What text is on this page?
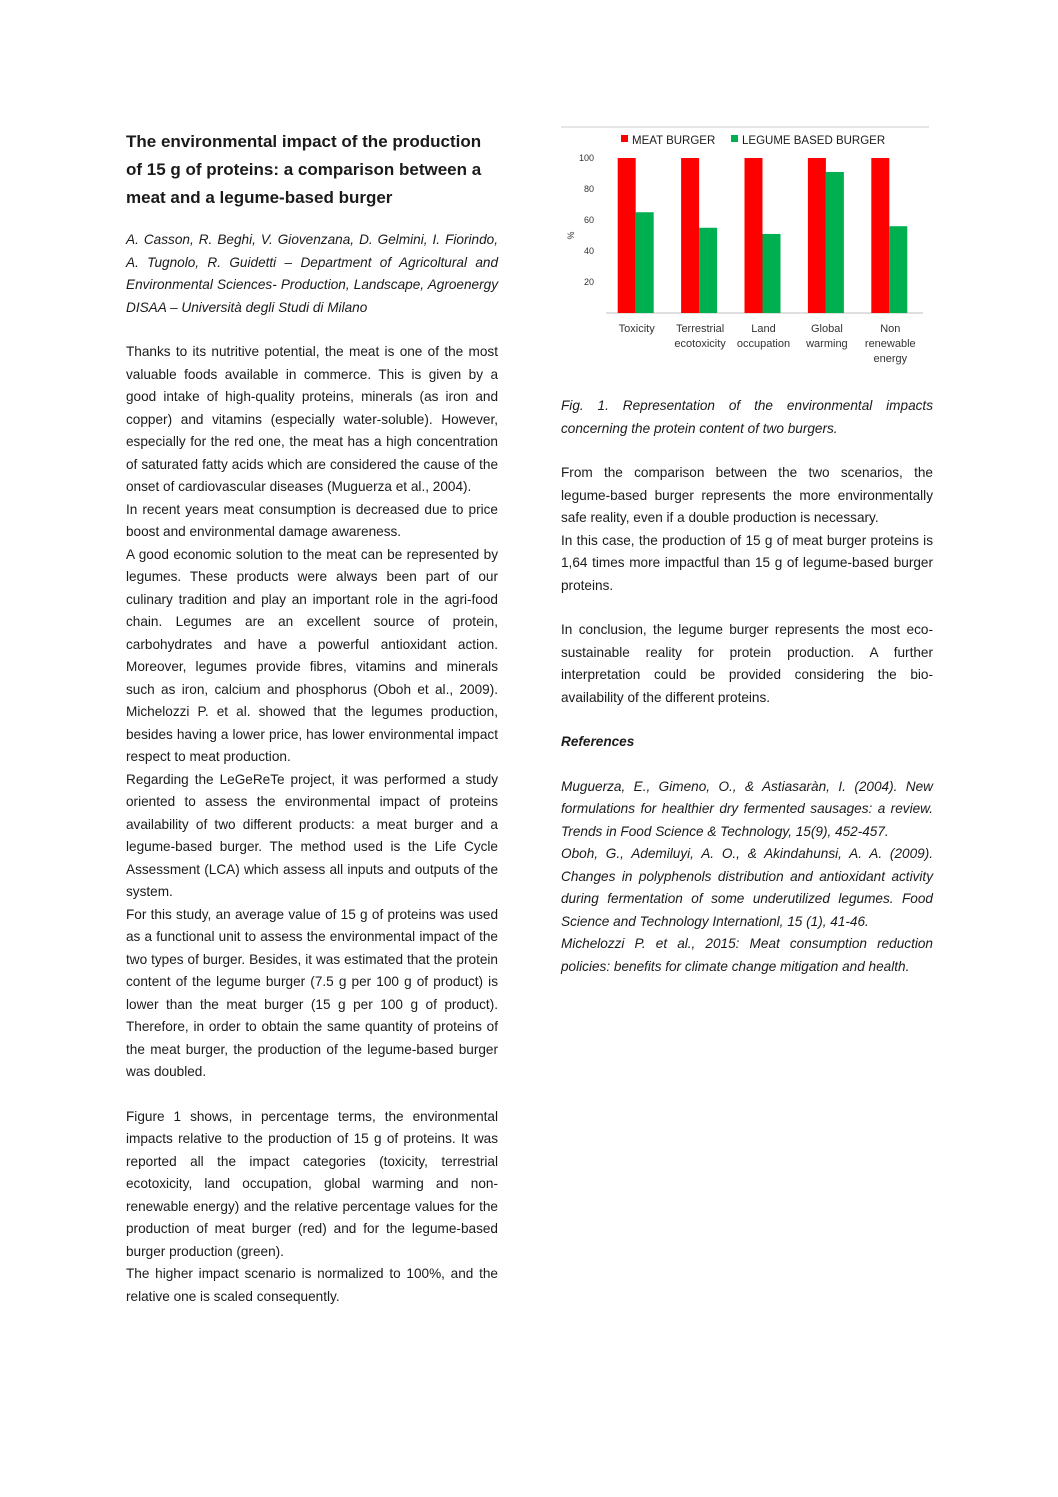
The environmental impact of the production of 15 g of proteins: a comparison between a meat and a legume-based burger
A. Casson, R. Beghi, V. Giovenzana, D. Gelmini, I. Fiorindo, A. Tugnolo, R. Guidetti – Department of Agricoltural and Environmental Sciences- Production, Landscape, Agroenergy DISAA – Università degli Studi di Milano

Thanks to its nutritive potential, the meat is one of the most valuable foods available in commerce. This is given by a good intake of high-quality proteins, minerals (as iron and copper) and vitamins (especially water-soluble). However, especially for the red one, the meat has a high concentration of saturated fatty acids which are considered the cause of the onset of cardiovascular diseases (Muguerza et al., 2004).

In recent years meat consumption is decreased due to price boost and environmental damage awareness.

A good economic solution to the meat can be represented by legumes. These products were always been part of our culinary tradition and play an important role in the agri-food chain. Legumes are an excellent source of protein, carbohydrates and have a powerful antioxidant action. Moreover, legumes provide fibres, vitamins and minerals such as iron, calcium and phosphorus (Oboh et al., 2009). Michelozzi P. et al. showed that the legumes production, besides having a lower price, has lower environmental impact respect to meat production.

Regarding the LeGeReTe project, it was performed a study oriented to assess the environmental impact of proteins availability of two different products: a meat burger and a legume-based burger. The method used is the Life Cycle Assessment (LCA) which assess all inputs and outputs of the system.

For this study, an average value of 15 g of proteins was used as a functional unit to assess the environmental impact of the two types of burger. Besides, it was estimated that the protein content of the legume burger (7.5 g per 100 g of product) is lower than the meat burger (15 g per 100 g of product). Therefore, in order to obtain the same quantity of proteins of the meat burger, the production of the legume-based burger was doubled.

Figure 1 shows, in percentage terms, the environmental impacts relative to the production of 15 g of proteins. It was reported all the impact categories (toxicity, terrestrial ecotoxicity, land occupation, global warming and non-renewable energy) and the relative percentage values for the production of meat burger (red) and for the legume-based burger production (green).

The higher impact scenario is normalized to 100%, and the relative one is scaled consequently.

MEAT BURGER LEGUME BASED BURGER
20
40
60
80
100
%
Toxicity Terrestrial
ecotoxicity
Land
occupation
Global
warming
Non
renewable
energy

Fig. 1. Representation of the environmental impacts concerning the protein content of two burgers.

From the comparison between the two scenarios, the legume-based burger represents the more environmentally safe reality, even if a double production is necessary.

In this case, the production of 15 g of meat burger proteins is 1,64 times more impactful than 15 g of legume-based burger proteins.

In conclusion, the legume burger represents the most eco-sustainable reality for protein production. A further interpretation could be provided considering the bio-availability of the different proteins.

References

Muguerza, E., Gimeno, O., & Astiasaràn, I. (2004). New formulations for healthier dry fermented sausages: a review. Trends in Food Science & Technology, 15(9), 452-457.

Oboh, G., Ademiluyi, A. O., & Akindahunsi, A. A. (2009). Changes in polyphenols distribution and antioxidant activity during fermentation of some underutilized legumes. Food Science and Technology Internationl, 15 (1), 41-46.

Michelozzi P. et al., 2015: Meat consumption reduction policies: benefits for climate change mitigation and health.
